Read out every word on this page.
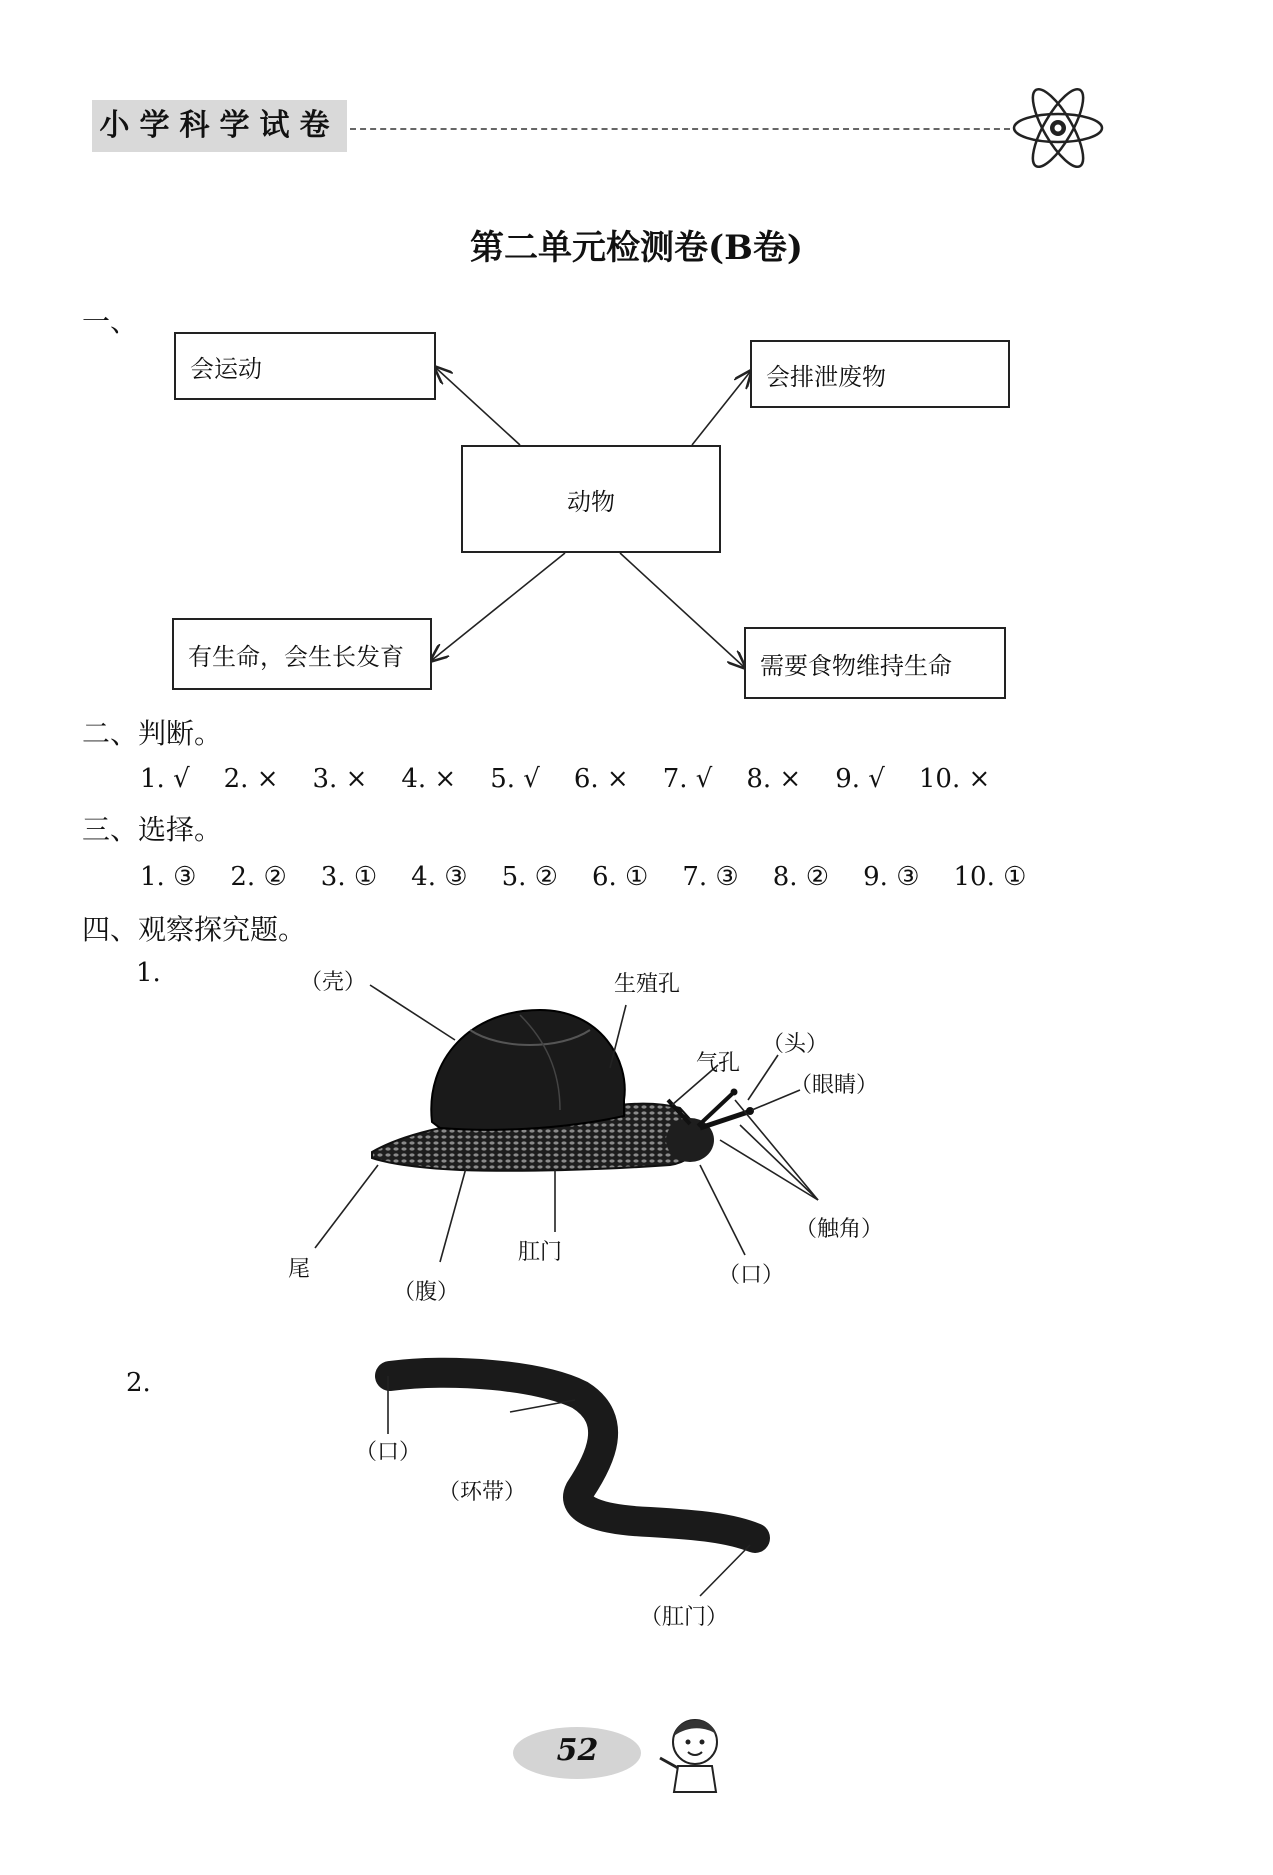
小学科学试卷
第二单元检测卷(B卷)
一、
会运动	会排泄废物
动物
有生命，会生长发育	需要食物维持生命
二、判断。
1. √ 2. × 3. × 4. × 5. √ 6. × 7. √ 8. × 9. √ 10. ×
三、选择。
1. ③ 2. ② 3. ① 4. ③ 5. ② 6. ① 7. ③ 8. ② 9. ③ 10. ①
四、观察探究题。
1.	（壳）	生殖孔
（头）
气孔
（眼睛）
（触角）
（口）
肛门
（腹）
尾
2.
（口）
（环带）
（肛门）
52
